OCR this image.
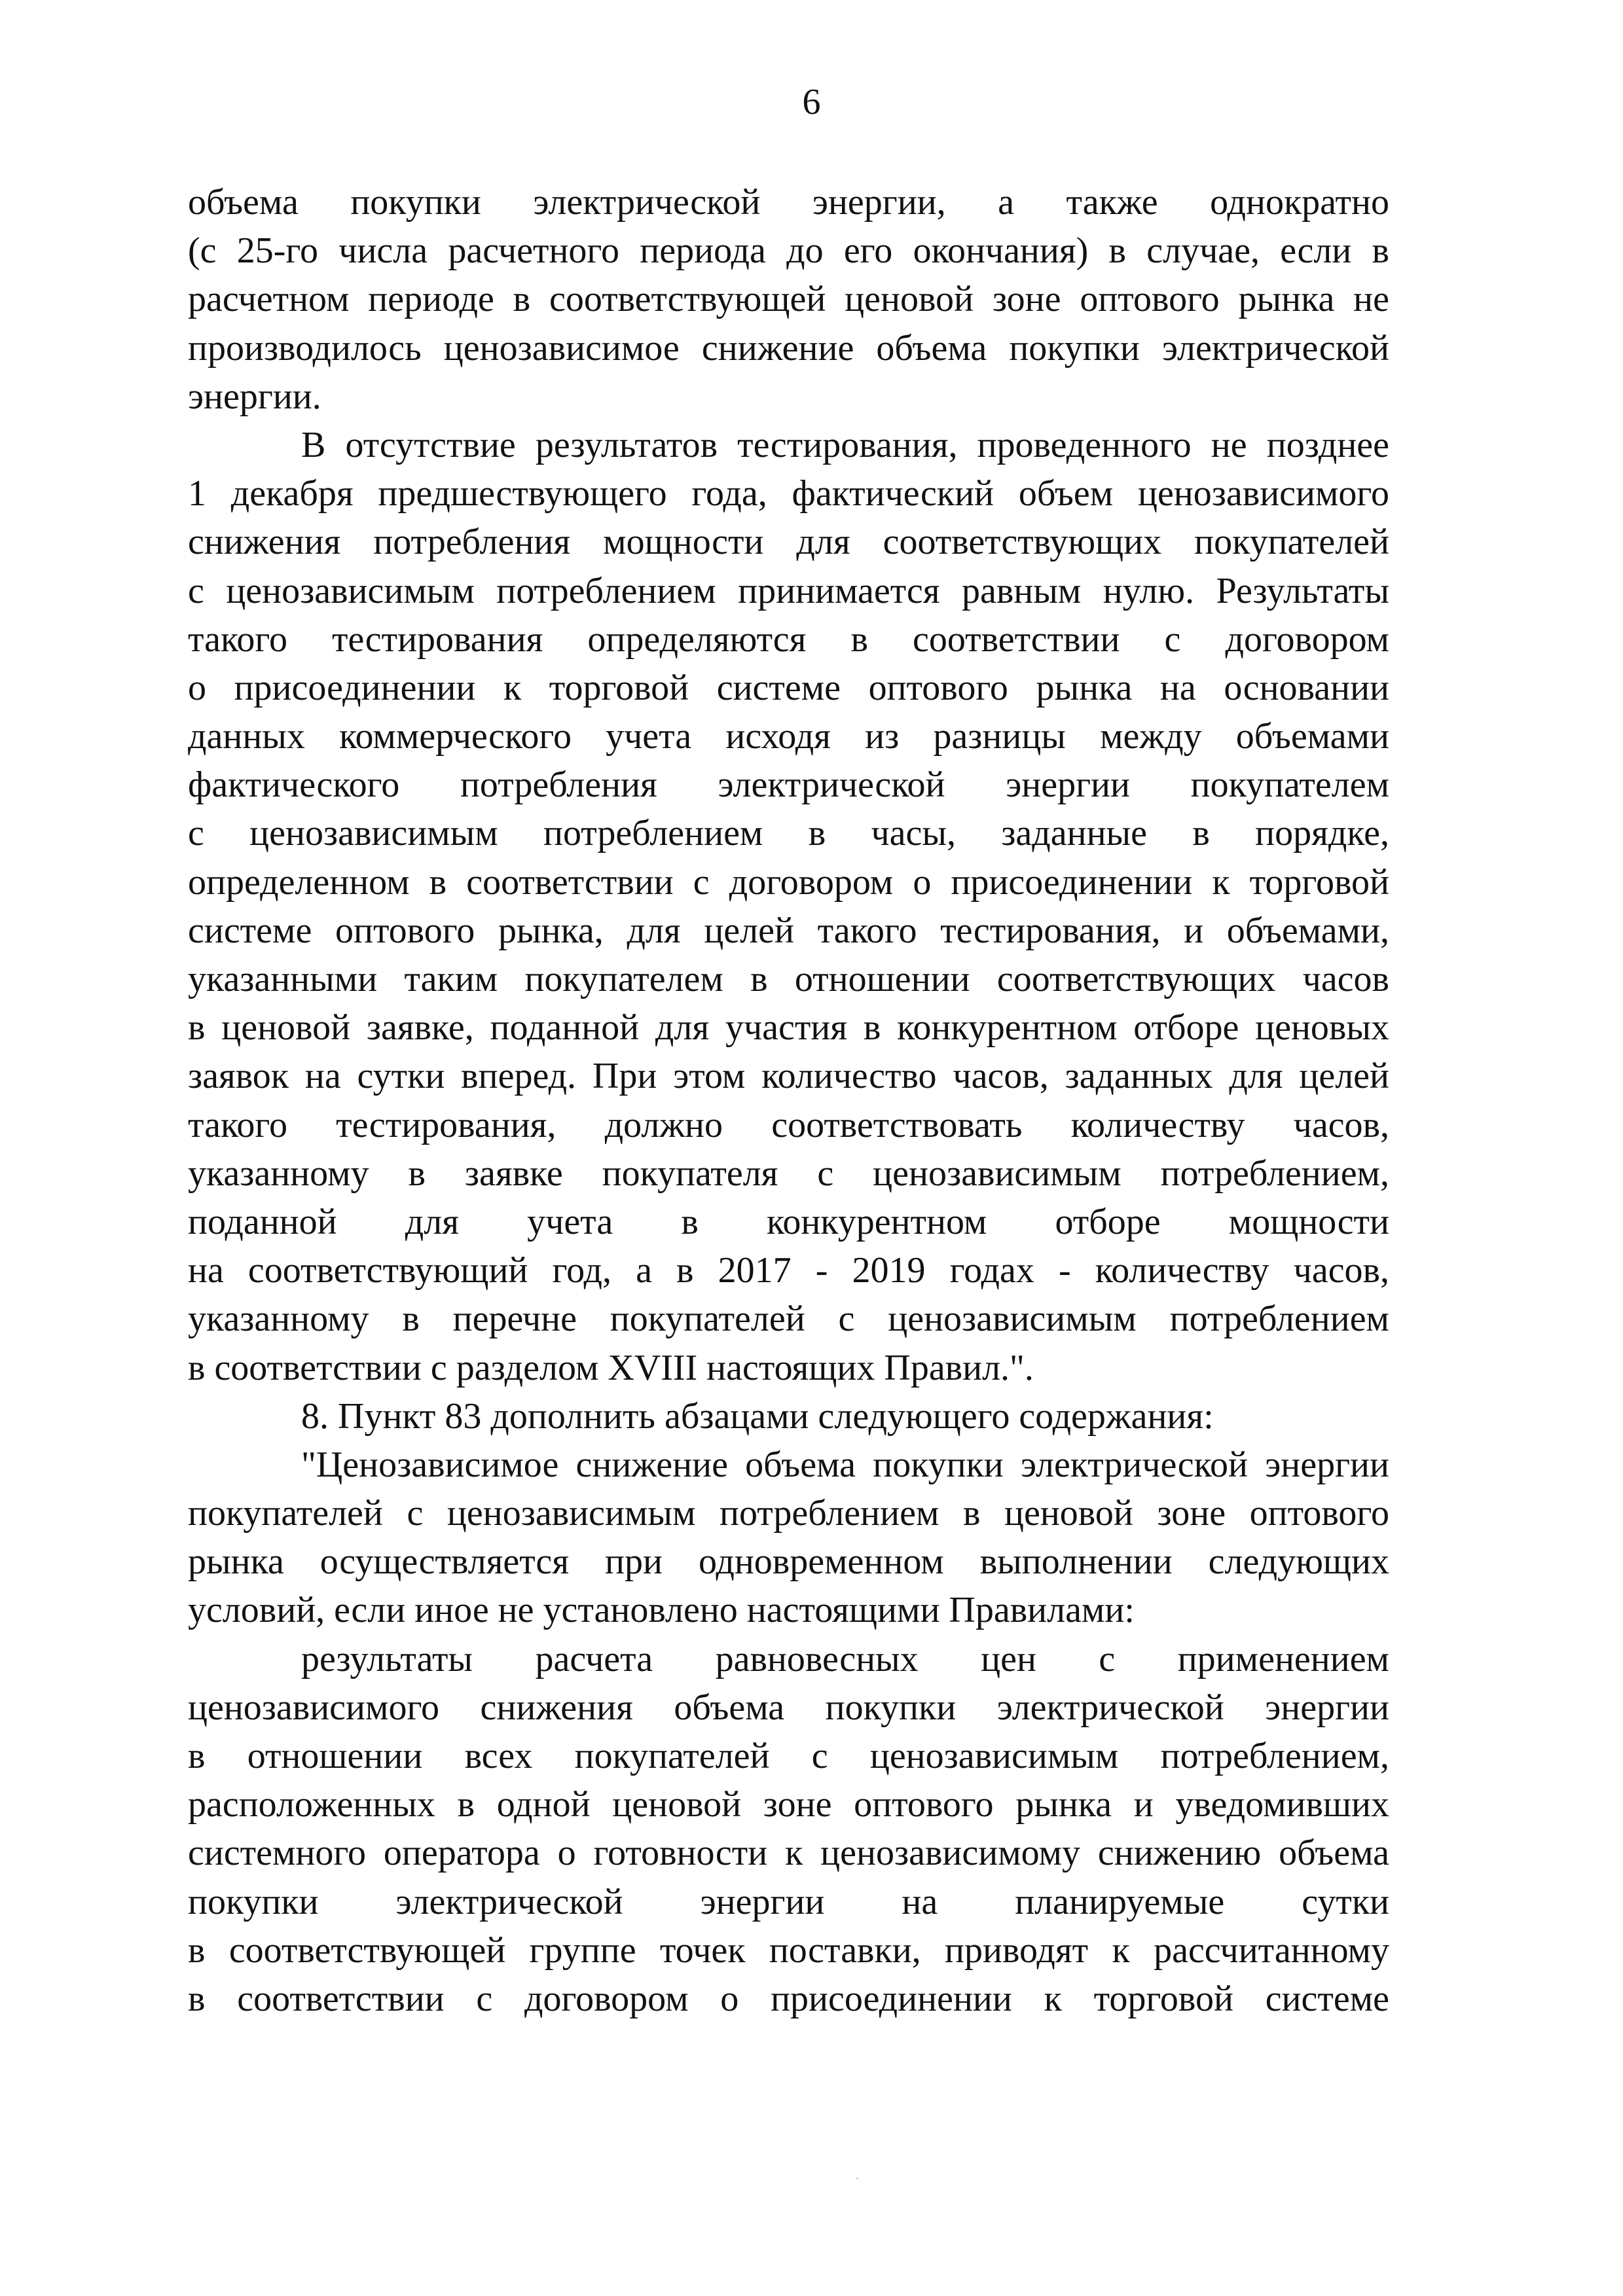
6
объема покупки электрической энергии, а также однократно
(с 25-го числа расчетного периода до его окончания) в случае, если в
расчетном периоде в соответствующей ценовой зоне оптового рынка не
производилось ценозависимое снижение объема покупки электрической
энергии.
В отсутствие результатов тестирования, проведенного не позднее
1 декабря предшествующего года, фактический объем ценозависимого
снижения потребления мощности для соответствующих покупателей
с ценозависимым потреблением принимается равным нулю. Результаты
такого тестирования определяются в соответствии с договором
о присоединении к торговой системе оптового рынка на основании
данных коммерческого учета исходя из разницы между объемами
фактического потребления электрической энергии покупателем
с ценозависимым потреблением в часы, заданные в порядке,
определенном в соответствии с договором о присоединении к торговой
системе оптового рынка, для целей такого тестирования, и объемами,
указанными таким покупателем в отношении соответствующих часов
в ценовой заявке, поданной для участия в конкурентном отборе ценовых
заявок на сутки вперед. При этом количество часов, заданных для целей
такого тестирования, должно соответствовать количеству часов,
указанному в заявке покупателя с ценозависимым потреблением,
поданной для учета в конкурентном отборе мощности
на соответствующий год, а в 2017 - 2019 годах - количеству часов,
указанному в перечне покупателей с ценозависимым потреблением
в соответствии с разделом XVIII настоящих Правил.".
8. Пункт 83 дополнить абзацами следующего содержания:
"Ценозависимое снижение объема покупки электрической энергии
покупателей с ценозависимым потреблением в ценовой зоне оптового
рынка осуществляется при одновременном выполнении следующих
условий, если иное не установлено настоящими Правилами:
результаты расчета равновесных цен с применением
ценозависимого снижения объема покупки электрической энергии
в отношении всех покупателей с ценозависимым потреблением,
расположенных в одной ценовой зоне оптового рынка и уведомивших
системного оператора о готовности к ценозависимому снижению объема
покупки электрической энергии на планируемые сутки
в соответствующей группе точек поставки, приводят к рассчитанному
в соответствии с договором о присоединении к торговой системе
